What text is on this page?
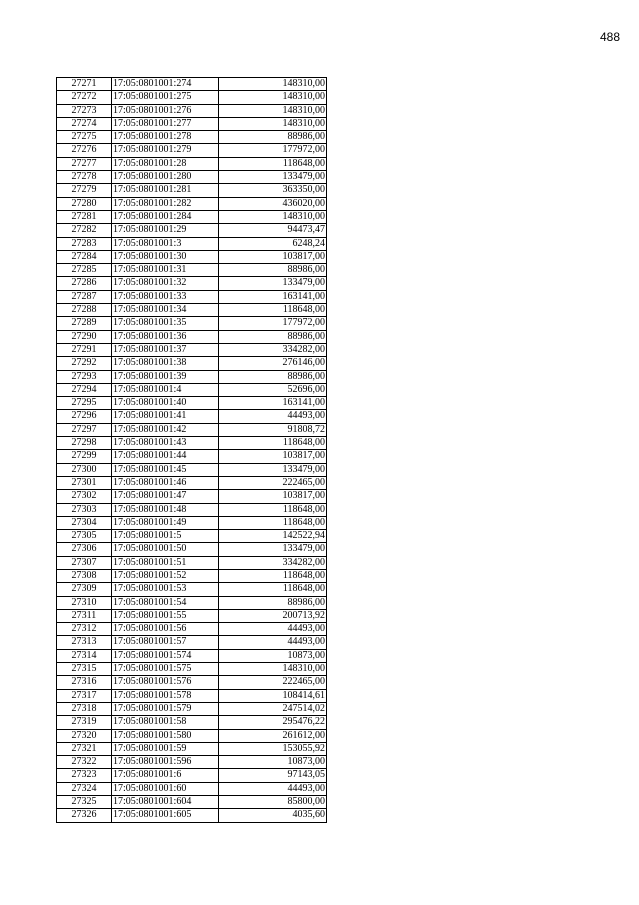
488
27271	17:05:0801001:274	148310,00
27272	17:05:0801001:275	148310,00
27273	17:05:0801001:276	148310,00
27274	17:05:0801001:277	148310,00
27275	17:05:0801001:278	88986,00
27276	17:05:0801001:279	177972,00
27277	17:05:0801001:28	118648,00
27278	17:05:0801001:280	133479,00
27279	17:05:0801001:281	363350,00
27280	17:05:0801001:282	436020,00
27281	17:05:0801001:284	148310,00
27282	17:05:0801001:29	94473,47
27283	17:05:0801001:3	6248,24
27284	17:05:0801001:30	103817,00
27285	17:05:0801001:31	88986,00
27286	17:05:0801001:32	133479,00
27287	17:05:0801001:33	163141,00
27288	17:05:0801001:34	118648,00
27289	17:05:0801001:35	177972,00
27290	17:05:0801001:36	88986,00
27291	17:05:0801001:37	334282,00
27292	17:05:0801001:38	276146,00
27293	17:05:0801001:39	88986,00
27294	17:05:0801001:4	52696,00
27295	17:05:0801001:40	163141,00
27296	17:05:0801001:41	44493,00
27297	17:05:0801001:42	91808,72
27298	17:05:0801001:43	118648,00
27299	17:05:0801001:44	103817,00
27300	17:05:0801001:45	133479,00
27301	17:05:0801001:46	222465,00
27302	17:05:0801001:47	103817,00
27303	17:05:0801001:48	118648,00
27304	17:05:0801001:49	118648,00
27305	17:05:0801001:5	142522,94
27306	17:05:0801001:50	133479,00
27307	17:05:0801001:51	334282,00
27308	17:05:0801001:52	118648,00
27309	17:05:0801001:53	118648,00
27310	17:05:0801001:54	88986,00
27311	17:05:0801001:55	200713,92
27312	17:05:0801001:56	44493,00
27313	17:05:0801001:57	44493,00
27314	17:05:0801001:574	10873,00
27315	17:05:0801001:575	148310,00
27316	17:05:0801001:576	222465,00
27317	17:05:0801001:578	108414,61
27318	17:05:0801001:579	247514,02
27319	17:05:0801001:58	295476,22
27320	17:05:0801001:580	261612,00
27321	17:05:0801001:59	153055,92
27322	17:05:0801001:596	10873,00
27323	17:05:0801001:6	97143,05
27324	17:05:0801001:60	44493,00
27325	17:05:0801001:604	85800,00
27326	17:05:0801001:605	4035,60
